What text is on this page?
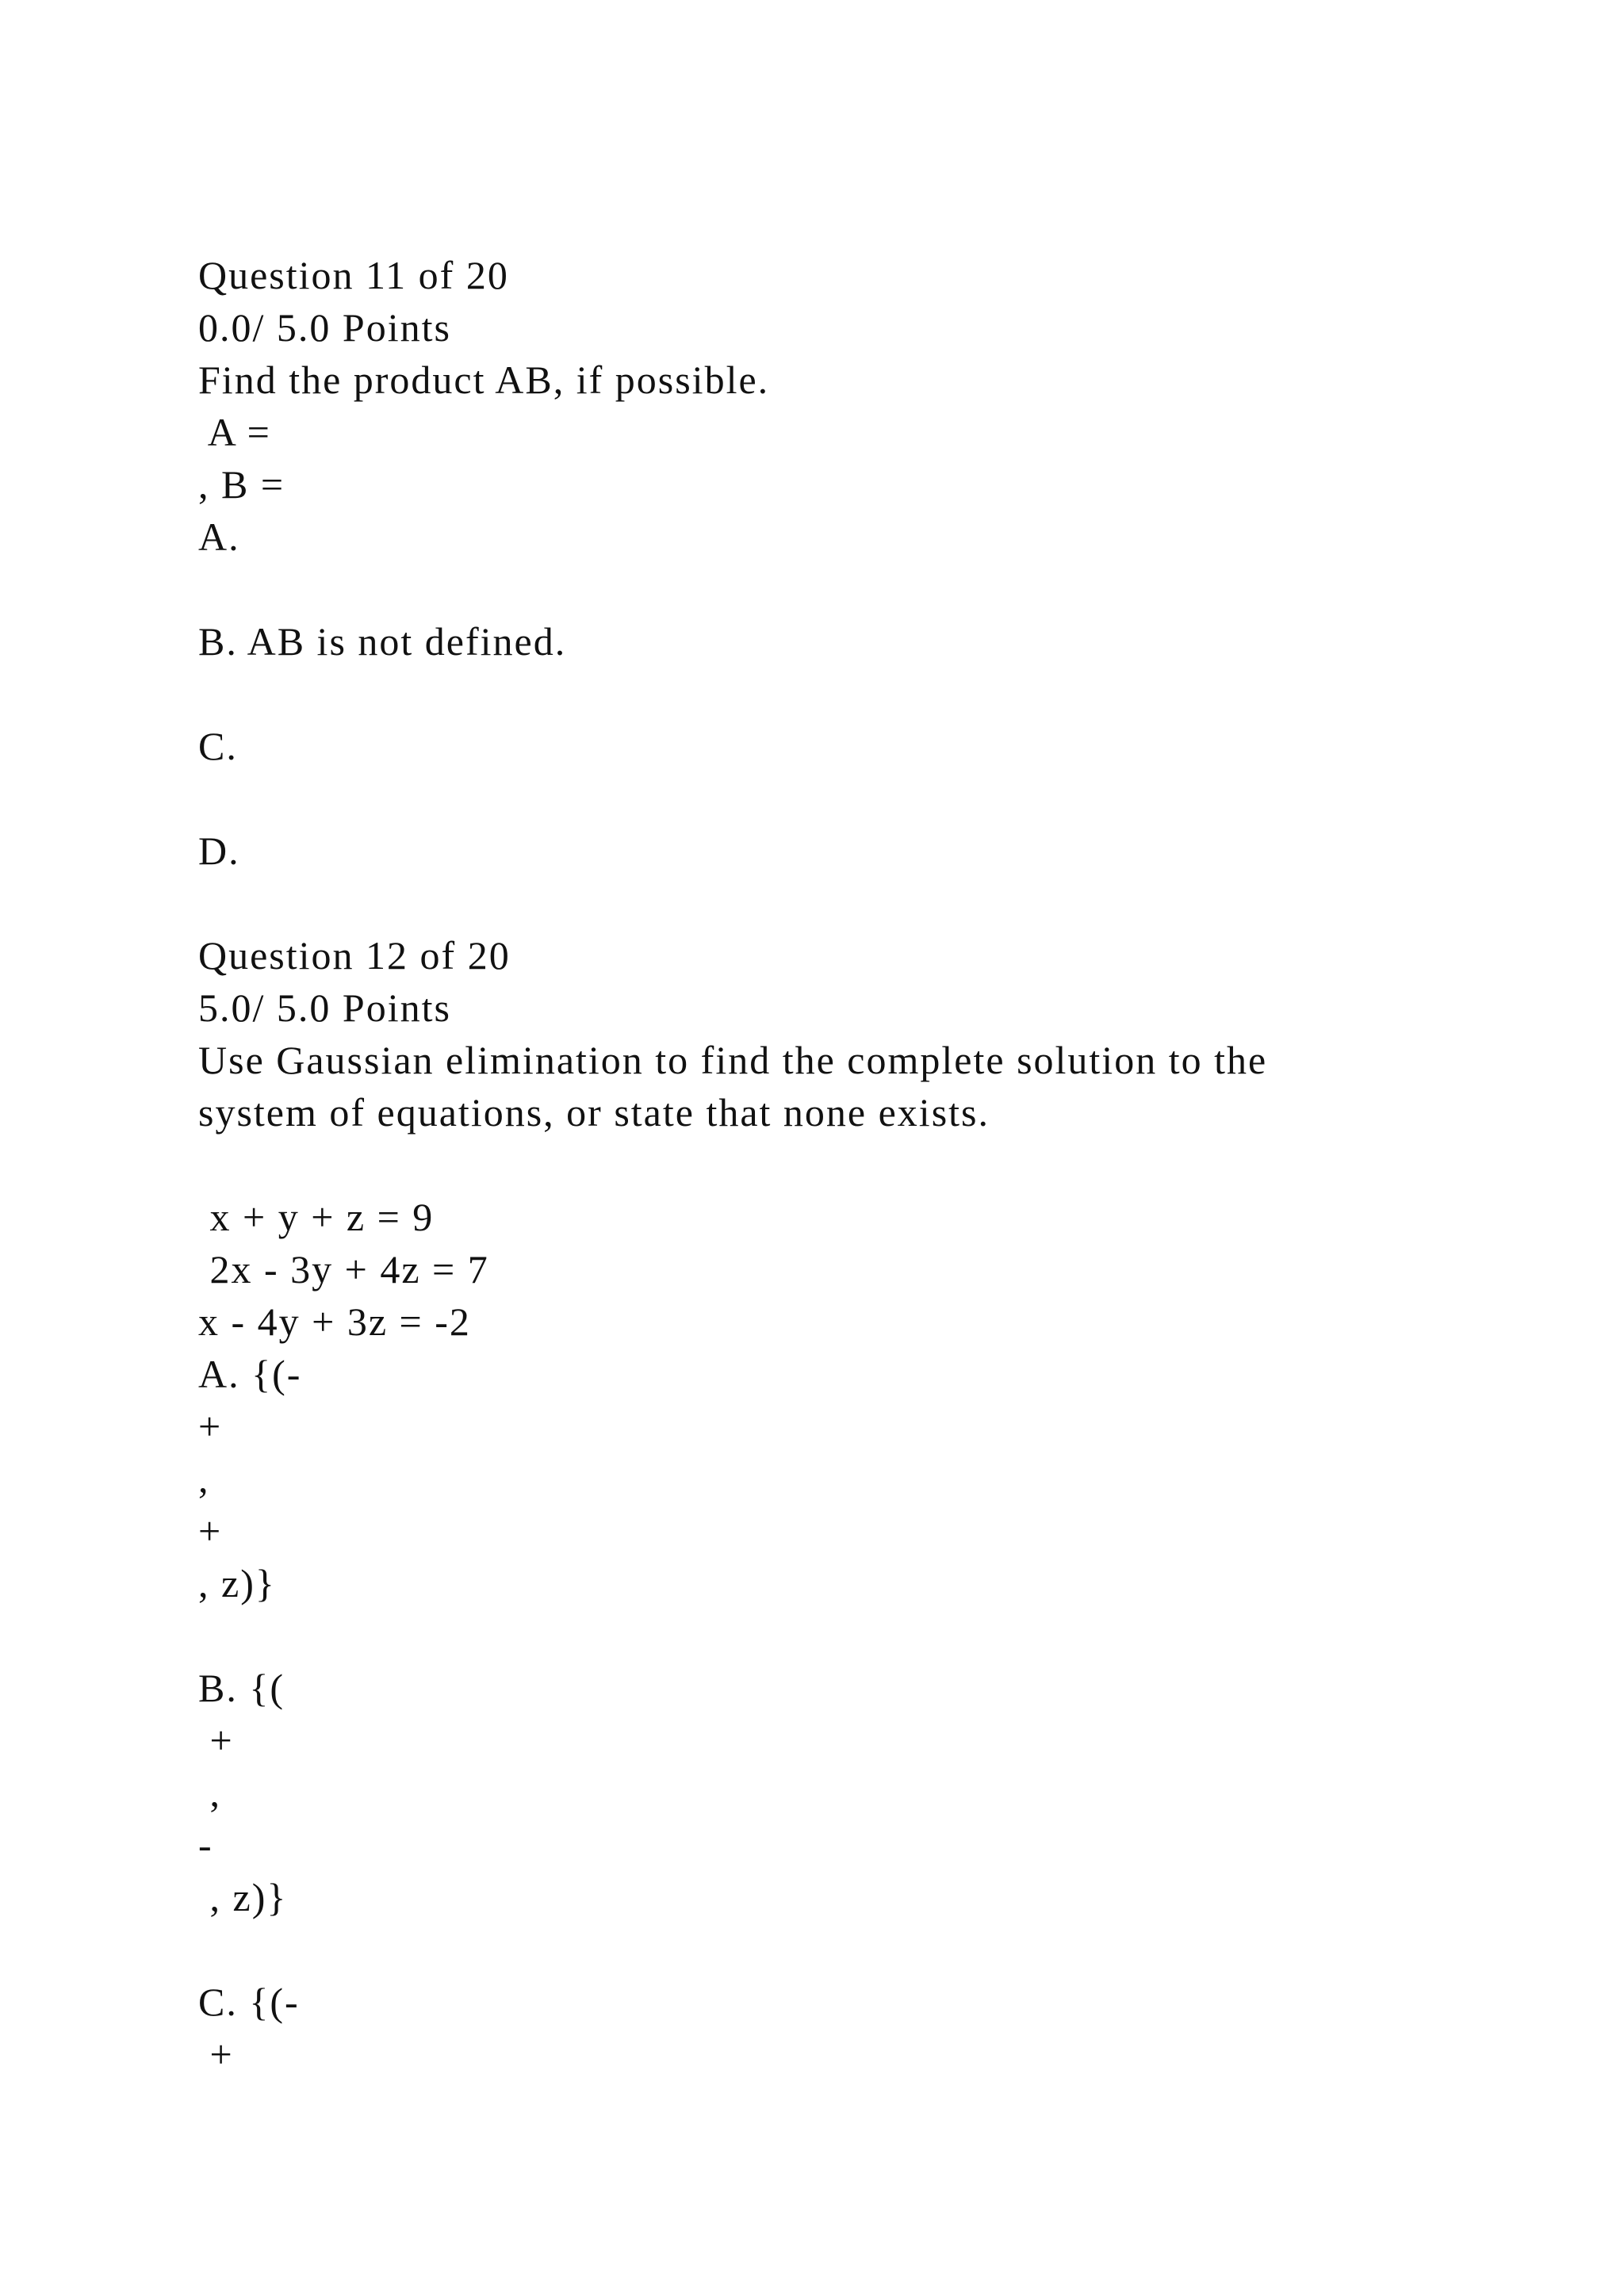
Question 11 of 20
0.0/ 5.0 Points
Find the product AB, if possible.
A =
, B =
A.
B. AB is not defined.
C.
D.
Question 12 of 20
5.0/ 5.0 Points
Use Gaussian elimination to find the complete solution to the
system of equations, or state that none exists.
x + y + z = 9
2x - 3y + 4z = 7
x - 4y + 3z = -2
A. {(-
+
,
+
, z)}
B. {(
+
,
-
, z)}
C. {(-
+
